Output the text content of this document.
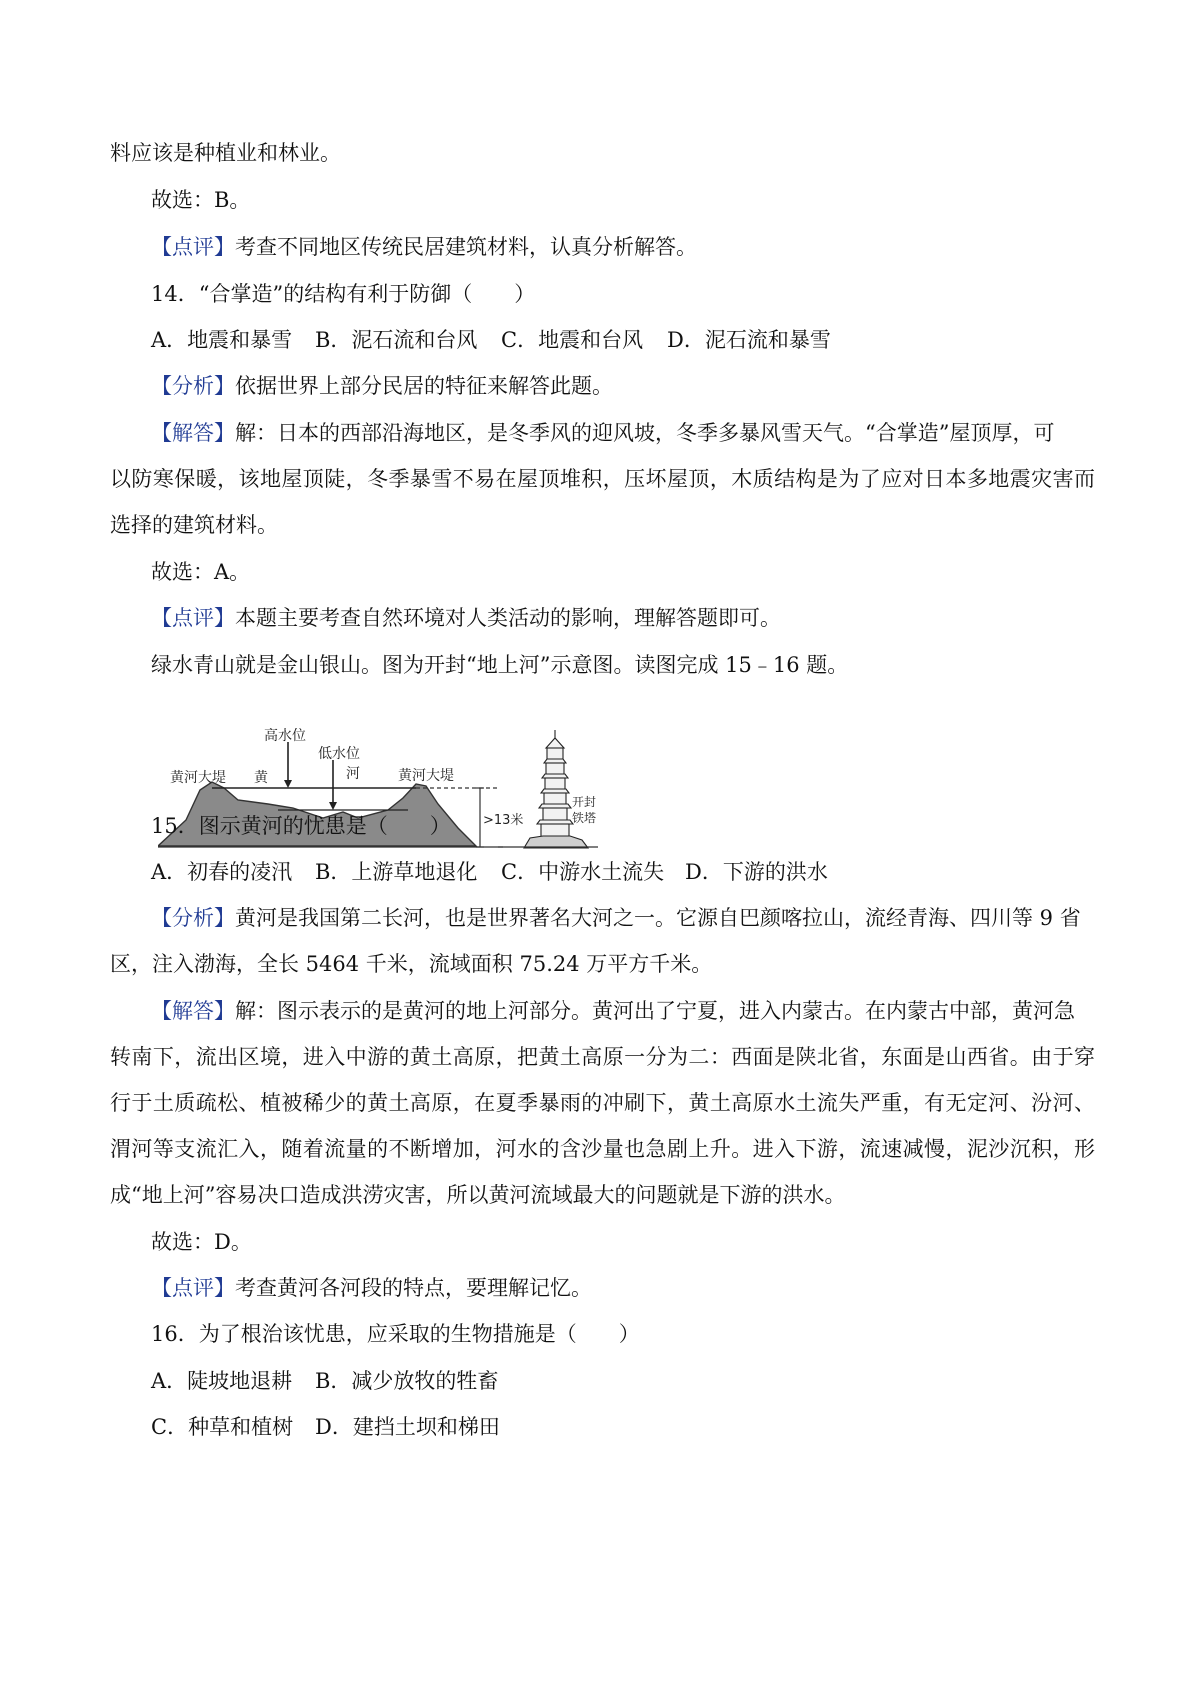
料应该是种植业和林业。
故选：B。
【点评】考查不同地区传统民居建筑材料，认真分析解答。
14．“合掌造”的结构有利于防御（　　）
A．地震和暴雪 B．泥石流和台风 C．地震和台风 D．泥石流和暴雪
【分析】依据世界上部分民居的特征来解答此题。
【解答】解：日本的西部沿海地区，是冬季风的迎风坡，冬季多暴风雪天气。“合掌造”屋顶厚，可
以防寒保暖，该地屋顶陡，冬季暴雪不易在屋顶堆积，压坏屋顶，木质结构是为了应对日本多地震灾害而
选择的建筑材料。
故选：A。
【点评】本题主要考查自然环境对人类活动的影响，理解答题即可。
绿水青山就是金山银山。图为开封“地上河”示意图。读图完成 15﹣16 题。
黄河大堤
高水位
低水位
黄	河	黄河大堤
>13米
开封
铁塔
15．图示黄河的忧患是（　　）
A．初春的凌汛 B．上游草地退化 C．中游水土流失 D．下游的洪水
【分析】黄河是我国第二长河，也是世界著名大河之一。它源自巴颜喀拉山，流经青海、四川等 9 省
区，注入渤海，全长 5464 千米，流域面积 75.24 万平方千米。
【解答】解：图示表示的是黄河的地上河部分。黄河出了宁夏，进入内蒙古。在内蒙古中部，黄河急
转南下，流出区境，进入中游的黄土高原，把黄土高原一分为二：西面是陕北省，东面是山西省。由于穿
行于土质疏松、植被稀少的黄土高原，在夏季暴雨的冲刷下，黄土高原水土流失严重，有无定河、汾河、
渭河等支流汇入，随着流量的不断增加，河水的含沙量也急剧上升。进入下游，流速减慢，泥沙沉积，形
成“地上河”容易决口造成洪涝灾害，所以黄河流域最大的问题就是下游的洪水。
故选：D。
【点评】考查黄河各河段的特点，要理解记忆。
16．为了根治该忧患，应采取的生物措施是（　　）
A．陡坡地退耕 B．减少放牧的牲畜
C．种草和植树 D．建挡土坝和梯田
